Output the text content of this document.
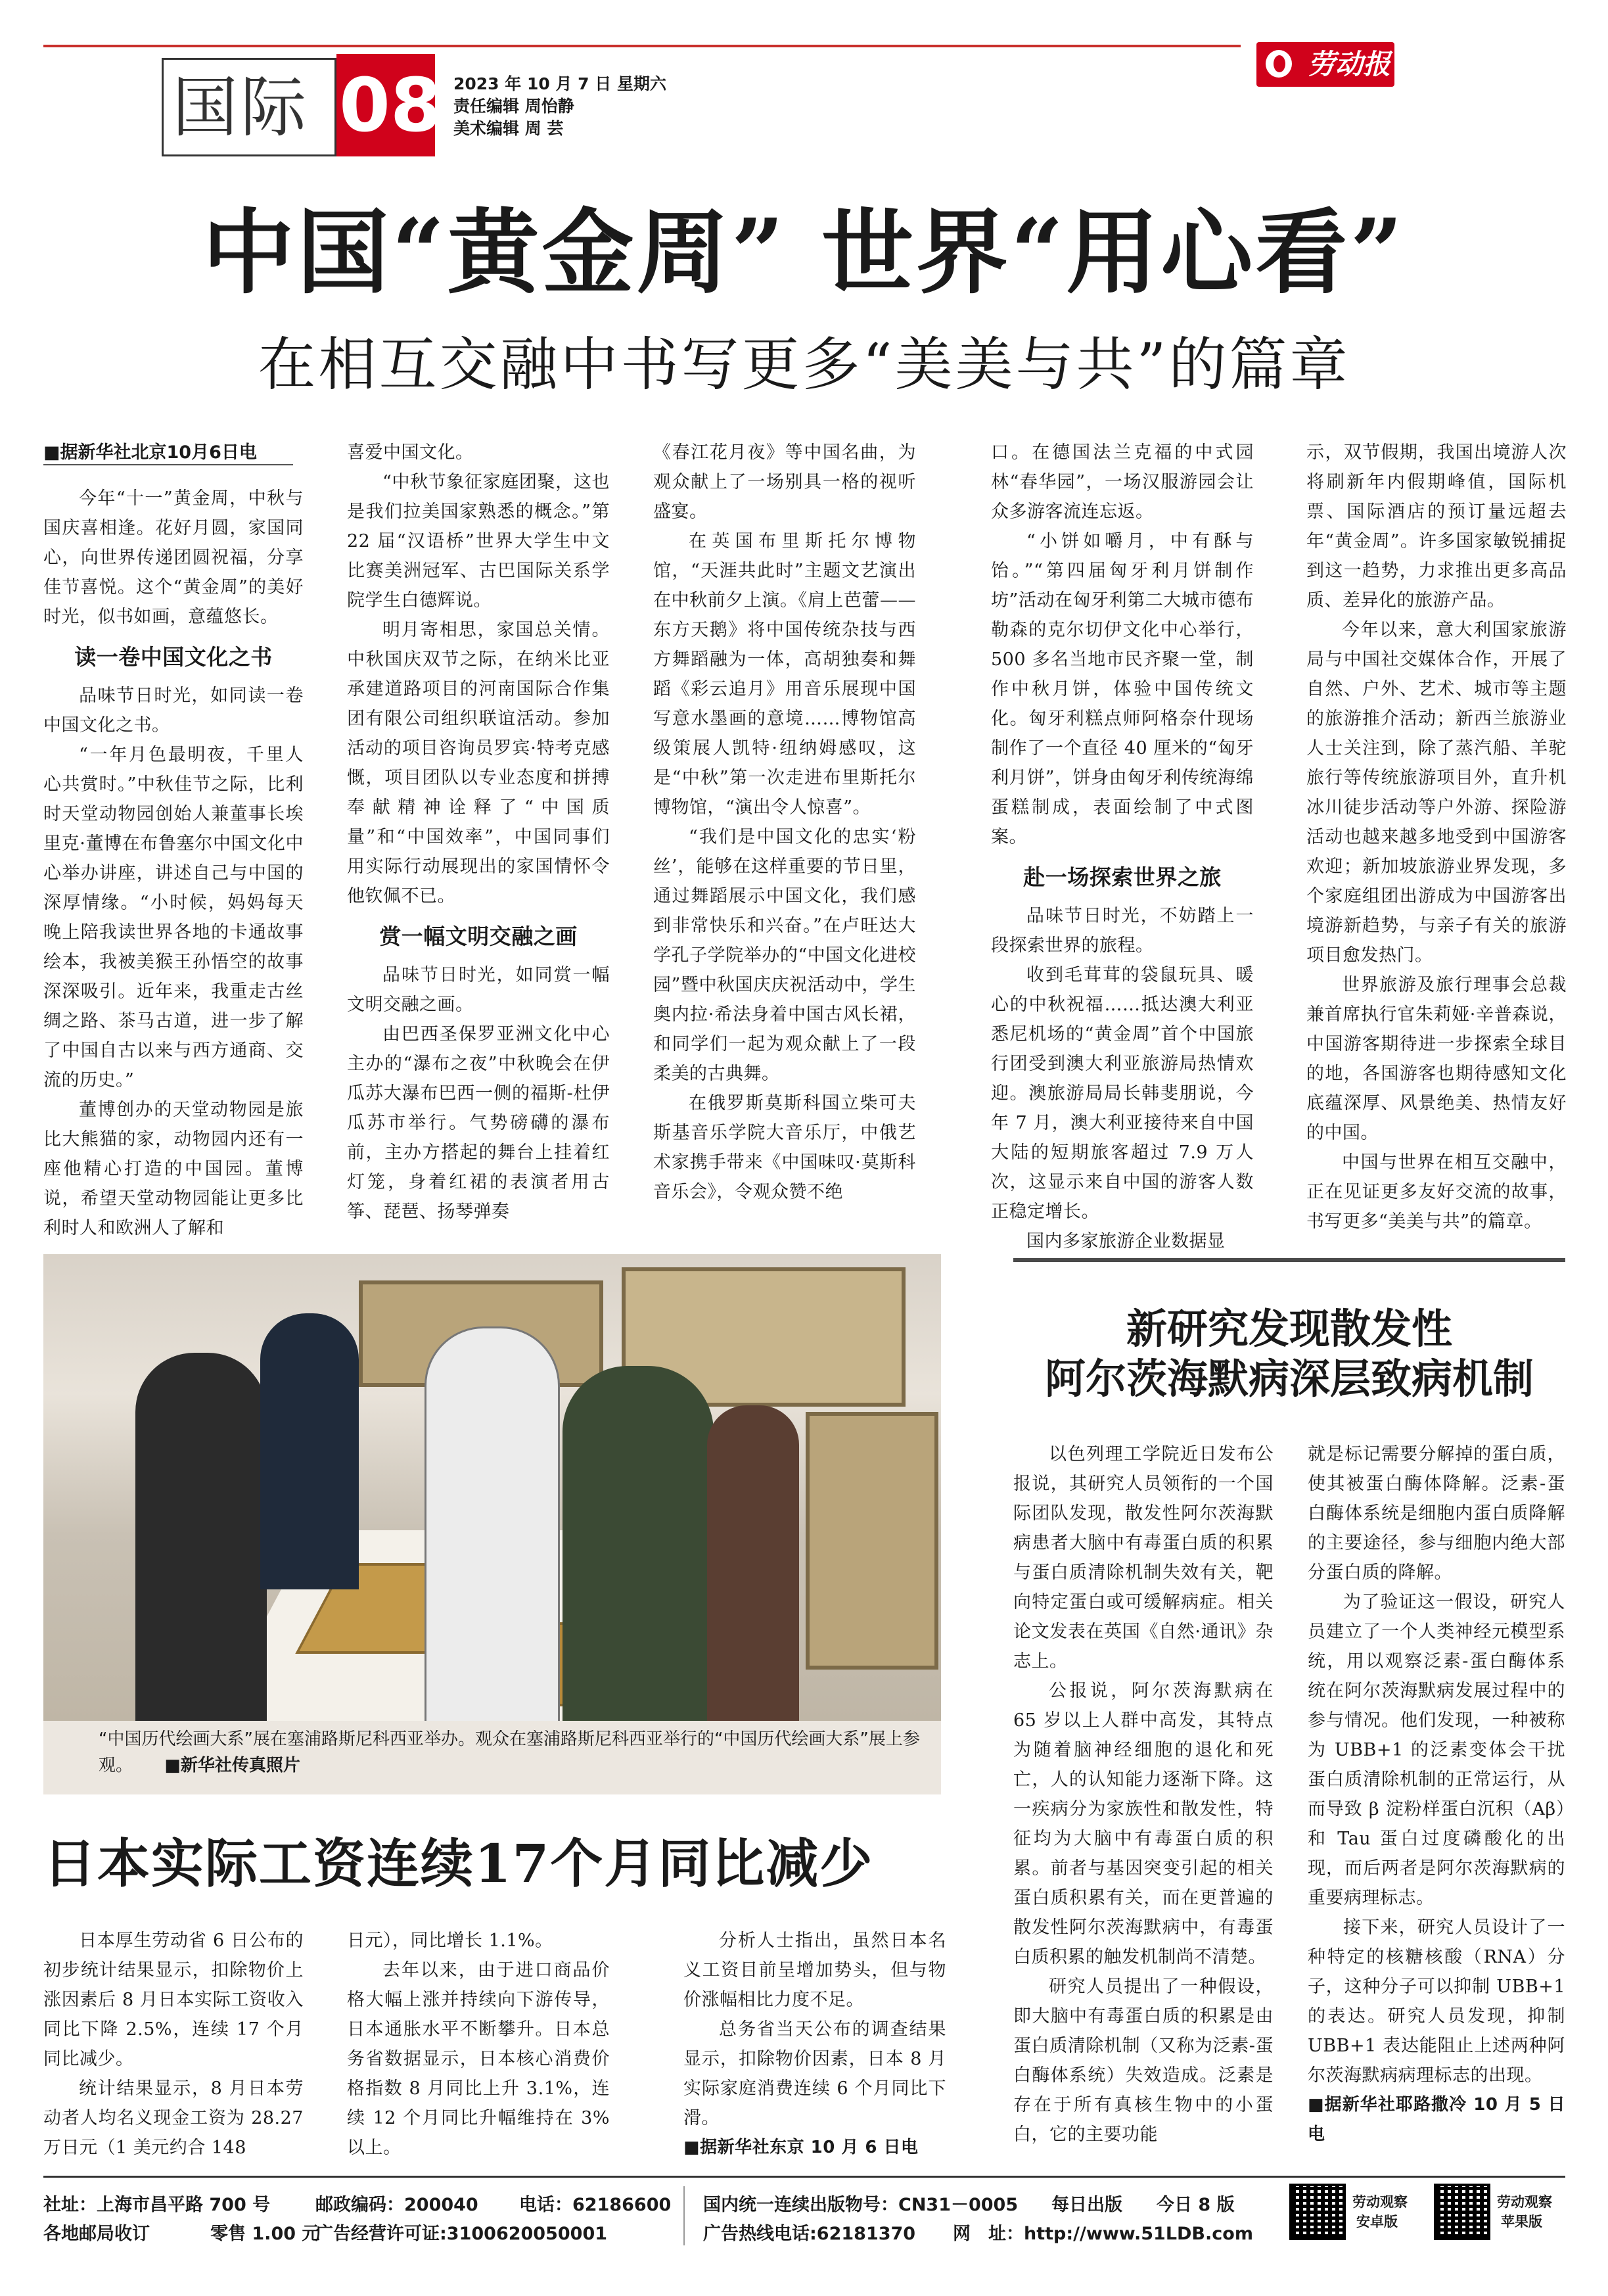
国际 08 2023 年 10 月 7 日 星期六
责任编辑 周怡静
美术编辑 周 芸
劳动报
中国“黄金周” 世界“用心看”
在相互交融中书写更多“美美与共”的篇章
■据新华社北京10月6日电

今年“十一”黄金周，中秋与国庆喜相逢。花好月圆，家国同心，向世界传递团圆祝福，分享佳节喜悦。这个“黄金周”的美好时光，似书如画，意蕴悠长。

读一卷中国文化之书

品味节日时光，如同读一卷中国文化之书。

“一年月色最明夜，千里人心共赏时。”中秋佳节之际，比利时天堂动物园创始人兼董事长埃里克·董博在布鲁塞尔中国文化中心举办讲座，讲述自己与中国的深厚情缘。“小时候，妈妈每天晚上陪我读世界各地的卡通故事绘本，我被美猴王孙悟空的故事深深吸引。近年来，我重走古丝绸之路、茶马古道，进一步了解了中国自古以来与西方通商、交流的历史。”

董博创办的天堂动物园是旅比大熊猫的家，动物园内还有一座他精心打造的中国园。董博说，希望天堂动物园能让更多比利时人和欧洲人了解和

喜爱中国文化。

“中秋节象征家庭团聚，这也是我们拉美国家熟悉的概念。”第 22 届“汉语桥”世界大学生中文比赛美洲冠军、古巴国际关系学院学生白德辉说。

明月寄相思，家国总关情。中秋国庆双节之际，在纳米比亚承建道路项目的河南国际合作集团有限公司组织联谊活动。参加活动的项目咨询员罗宾·特考克感慨，项目团队以专业态度和拼搏奉献精神诠释了“中国质量”和“中国效率”，中国同事们用实际行动展现出的家国情怀令他钦佩不已。

赏一幅文明交融之画

品味节日时光，如同赏一幅文明交融之画。

由巴西圣保罗亚洲文化中心主办的“瀑布之夜”中秋晚会在伊瓜苏大瀑布巴西一侧的福斯-杜伊瓜苏市举行。气势磅礴的瀑布前，主办方搭起的舞台上挂着红灯笼，身着红裙的表演者用古筝、琵琶、扬琴弹奏

《春江花月夜》等中国名曲，为观众献上了一场别具一格的视听盛宴。

在英国布里斯托尔博物馆，“天涯共此时”主题文艺演出在中秋前夕上演。《肩上芭蕾——东方天鹅》将中国传统杂技与西方舞蹈融为一体，高胡独奏和舞蹈《彩云追月》用音乐展现中国写意水墨画的意境……博物馆高级策展人凯特·纽纳姆感叹，这是“中秋”第一次走进布里斯托尔博物馆，“演出令人惊喜”。

“我们是中国文化的忠实‘粉丝’，能够在这样重要的节日里，通过舞蹈展示中国文化，我们感到非常快乐和兴奋。”在卢旺达大学孔子学院举办的“中国文化进校园”暨中秋国庆庆祝活动中，学生奥内拉·希法身着中国古风长裙，和同学们一起为观众献上了一段柔美的古典舞。

在俄罗斯莫斯科国立柴可夫斯基音乐学院大音乐厅，中俄艺术家携手带来《中国味叹·莫斯科音乐会》，令观众赞不绝

口。在德国法兰克福的中式园林“春华园”，一场汉服游园会让众多游客流连忘返。

“小饼如嚼月，中有酥与饴。”“第四届匈牙利月饼制作坊”活动在匈牙利第二大城市德布勒森的克尔切伊文化中心举行，500 多名当地市民齐聚一堂，制作中秋月饼，体验中国传统文化。匈牙利糕点师阿格奈什现场制作了一个直径 40 厘米的“匈牙利月饼”，饼身由匈牙利传统海绵蛋糕制成，表面绘制了中式图案。

赴一场探索世界之旅

品味节日时光，不妨踏上一段探索世界的旅程。

收到毛茸茸的袋鼠玩具、暖心的中秋祝福……抵达澳大利亚悉尼机场的“黄金周”首个中国旅行团受到澳大利亚旅游局热情欢迎。澳旅游局局长韩斐朋说，今年 7 月，澳大利亚接待来自中国大陆的短期旅客超过 7.9 万人次，这显示来自中国的游客人数正稳定增长。

国内多家旅游企业数据显

示，双节假期，我国出境游人次将刷新年内假期峰值，国际机票、国际酒店的预订量远超去年“黄金周”。许多国家敏锐捕捉到这一趋势，力求推出更多高品质、差异化的旅游产品。

今年以来，意大利国家旅游局与中国社交媒体合作，开展了自然、户外、艺术、城市等主题的旅游推介活动；新西兰旅游业人士关注到，除了蒸汽船、羊驼旅行等传统旅游项目外，直升机冰川徒步活动等户外游、探险游活动也越来越多地受到中国游客欢迎；新加坡旅游业界发现，多个家庭组团出游成为中国游客出境游新趋势，与亲子有关的旅游项目愈发热门。

世界旅游及旅行理事会总裁兼首席执行官朱莉娅·辛普森说，中国游客期待进一步探索全球目的地，各国游客也期待感知文化底蕴深厚、风景绝美、热情友好的中国。

中国与世界在相互交融中，正在见证更多友好交流的故事，书写更多“美美与共”的篇章。

“中国历代绘画大系”展在塞浦路斯尼科西亚举办。观众在塞浦路斯尼科西亚举行的“中国历代绘画大系”展上参观。 ■新华社传真照片
新研究发现散发性
阿尔茨海默病深层致病机制

以色列理工学院近日发布公报说，其研究人员领衔的一个国际团队发现，散发性阿尔茨海默病患者大脑中有毒蛋白质的积累与蛋白质清除机制失效有关，靶向特定蛋白或可缓解病症。相关论文发表在英国《自然·通讯》杂志上。

公报说，阿尔茨海默病在 65 岁以上人群中高发，其特点为随着脑神经细胞的退化和死亡，人的认知能力逐渐下降。这一疾病分为家族性和散发性，特征均为大脑中有毒蛋白质的积累。前者与基因突变引起的相关蛋白质积累有关，而在更普遍的散发性阿尔茨海默病中，有毒蛋白质积累的触发机制尚不清楚。

研究人员提出了一种假设，即大脑中有毒蛋白质的积累是由蛋白质清除机制（又称为泛素-蛋白酶体系统）失效造成。泛素是存在于所有真核生物中的小蛋白，它的主要功能

就是标记需要分解掉的蛋白质，使其被蛋白酶体降解。泛素-蛋白酶体系统是细胞内蛋白质降解的主要途径，参与细胞内绝大部分蛋白质的降解。

为了验证这一假设，研究人员建立了一个人类神经元模型系统，用以观察泛素-蛋白酶体系统在阿尔茨海默病发展过程中的参与情况。他们发现，一种被称为 UBB+1 的泛素变体会干扰蛋白质清除机制的正常运行，从而导致 β 淀粉样蛋白沉积（Aβ）和 Tau 蛋白过度磷酸化的出现，而后两者是阿尔茨海默病的重要病理标志。

接下来，研究人员设计了一种特定的核糖核酸（RNA）分子，这种分子可以抑制 UBB+1 的表达。研究人员发现，抑制 UBB+1 表达能阻止上述两种阿尔茨海默病病理标志的出现。

■据新华社耶路撒冷 10 月 5 日电

日本实际工资连续17个月同比减少

日本厚生劳动省 6 日公布的初步统计结果显示，扣除物价上涨因素后 8 月日本实际工资收入同比下降 2.5%，连续 17 个月同比减少。

统计结果显示，8 月日本劳动者人均名义现金工资为 28.27 万日元（1 美元约合 148

日元），同比增长 1.1%。

去年以来，由于进口商品价格大幅上涨并持续向下游传导，日本通胀水平不断攀升。日本总务省数据显示，日本核心消费价格指数 8 月同比上升 3.1%，连续 12 个月同比升幅维持在 3%以上。

分析人士指出，虽然日本名义工资目前呈增加势头，但与物价涨幅相比力度不足。

总务省当天公布的调查结果显示，扣除物价因素，日本 8 月实际家庭消费连续 6 个月同比下滑。

■据新华社东京 10 月 6 日电

社址：上海市昌平路 700 号	邮政编码：200040 电话：62186600
各地邮局收订	零售 1.00 元
广告经营许可证:3100620050001
国内统一连续出版物号：CN31－0005 每日出版 今日 8 版
广告热线电话:62181370 网　址：http://www.51LDB.com
劳动观察
安卓版
劳动观察
苹果版
